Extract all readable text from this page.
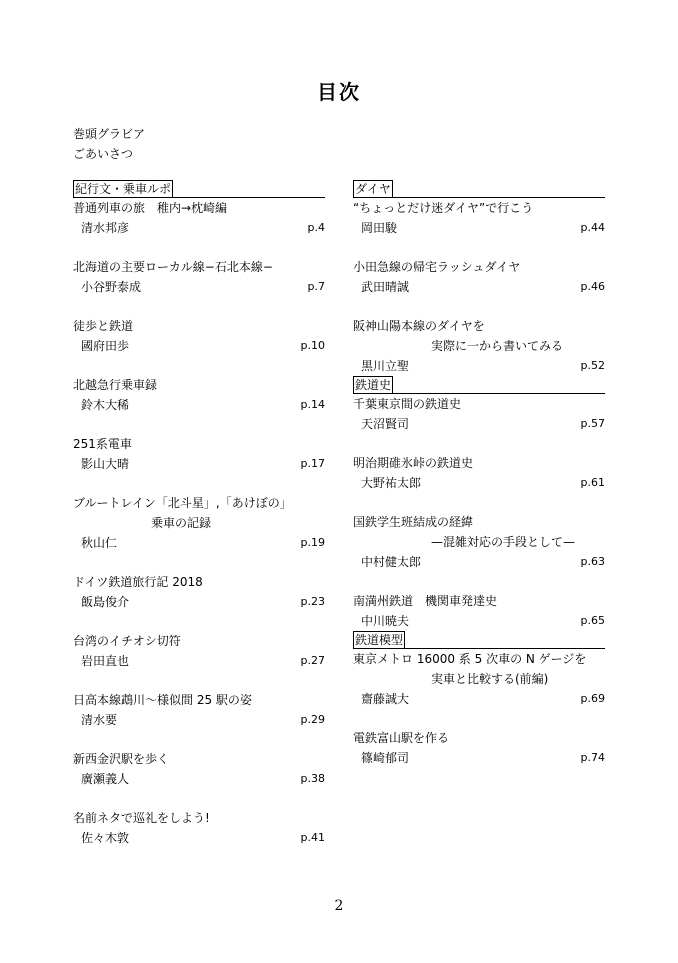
目次
巻頭グラビア
ごあいさつ
紀行文・乗車ルポ
普通列車の旅　稚内→枕崎編
清水邦彦	p.4
北海道の主要ローカル線−石北本線−
小谷野泰成	p.7
徒歩と鉄道
國府田歩	p.10
北越急行乗車録
鈴木大稀	p.14
251系電車
影山大晴	p.17
ブルートレイン「北斗星」,「あけぼの」
乗車の記録
秋山仁	p.19
ドイツ鉄道旅行記 2018
飯島俊介	p.23
台湾のイチオシ切符
岩田直也	p.27
日高本線鵡川〜様似間 25 駅の姿
清水要	p.29
新西金沢駅を歩く
廣瀬義人	p.38
名前ネタで巡礼をしよう!
佐々木敦	p.41
ダイヤ
“ちょっとだけ迷ダイヤ”で行こう
岡田駿	p.44
小田急線の帰宅ラッシュダイヤ
武田晴誠	p.46
阪神山陽本線のダイヤを
実際に一から書いてみる
黒川立聖	p.52
鉄道史
千葉東京間の鉄道史
天沼賢司	p.57
明治期碓氷峠の鉄道史
大野祐太郎	p.61
国鉄学生班結成の経緯
—混雑対応の手段として—
中村健太郎	p.63
南満州鉄道　機関車発達史
中川暁夫	p.65
鉄道模型
東京メトロ 16000 系 5 次車の N ゲージを
実車と比較する(前編)
齋藤誠大	p.69
電鉄富山駅を作る
篠崎郁司	p.74
2
